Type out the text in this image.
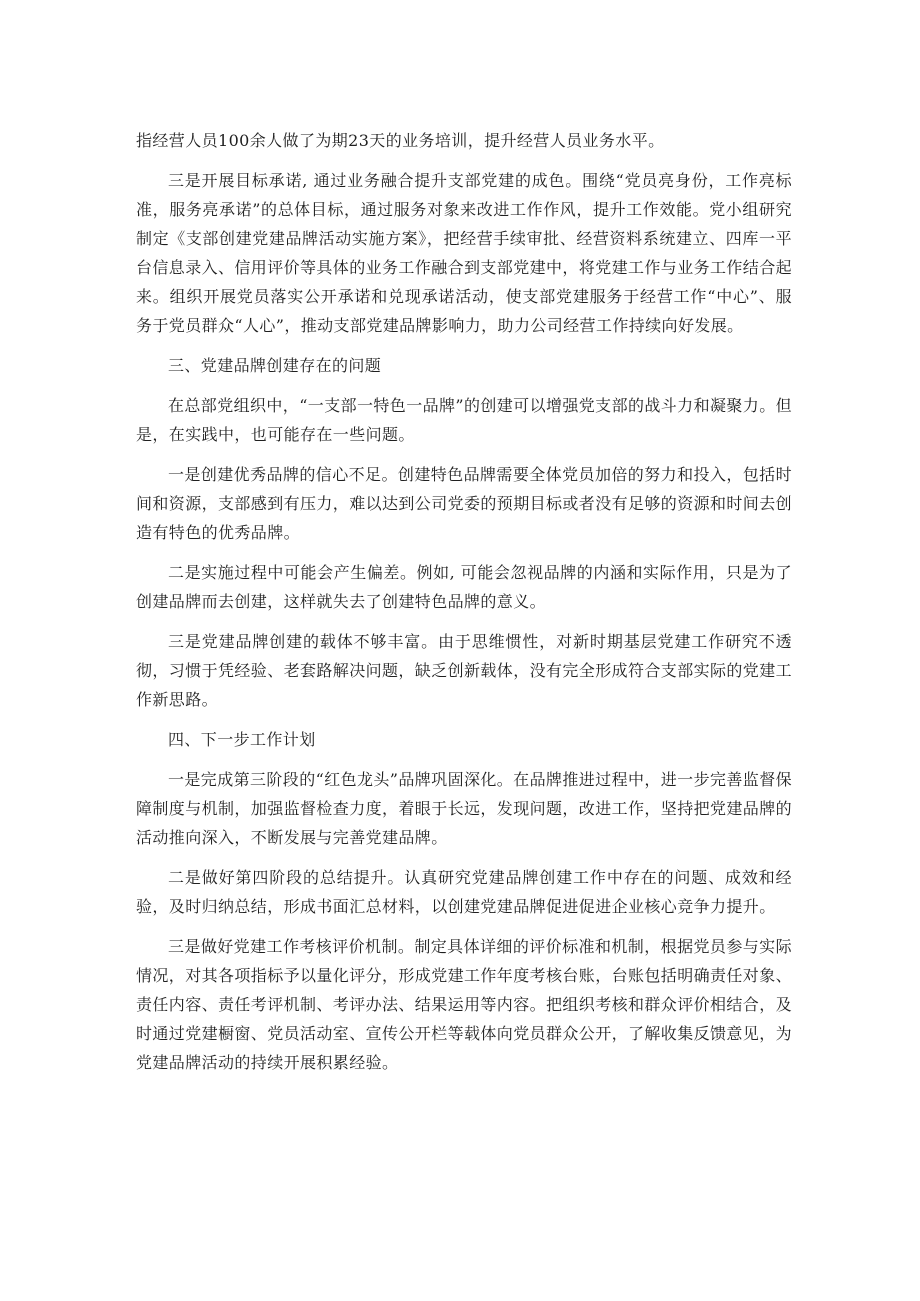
指经营人员100余人做了为期23天的业务培训，提升经营人员业务水平。

三是开展目标承诺, 通过业务融合提升支部党建的成色。围绕“党员亮身份，工作亮标准，服务亮承诺”的总体目标，通过服务对象来改进工作作风，提升工作效能。党小组研究制定《支部创建党建品牌活动实施方案》，把经营手续审批、经营资料系统建立、四库一平台信息录入、信用评价等具体的业务工作融合到支部党建中，将党建工作与业务工作结合起来。组织开展党员落实公开承诺和兑现承诺活动，使支部党建服务于经营工作“中心”、服务于党员群众“人心”，推动支部党建品牌影响力，助力公司经营工作持续向好发展。

三、党建品牌创建存在的问题

在总部党组织中，“一支部一特色一品牌”的创建可以增强党支部的战斗力和凝聚力。但是，在实践中，也可能存在一些问题。

一是创建优秀品牌的信心不足。创建特色品牌需要全体党员加倍的努力和投入，包括时间和资源，支部感到有压力，难以达到公司党委的预期目标或者没有足够的资源和时间去创造有特色的优秀品牌。

二是实施过程中可能会产生偏差。例如, 可能会忽视品牌的内涵和实际作用，只是为了创建品牌而去创建，这样就失去了创建特色品牌的意义。

三是党建品牌创建的载体不够丰富。由于思维惯性，对新时期基层党建工作研究不透彻，习惯于凭经验、老套路解决问题，缺乏创新载体，没有完全形成符合支部实际的党建工作新思路。

四、下一步工作计划

一是完成第三阶段的“红色龙头”品牌巩固深化。在品牌推进过程中，进一步完善监督保障制度与机制，加强监督检查力度，着眼于长远，发现问题，改进工作，坚持把党建品牌的活动推向深入，不断发展与完善党建品牌。

二是做好第四阶段的总结提升。认真研究党建品牌创建工作中存在的问题、成效和经验，及时归纳总结，形成书面汇总材料，以创建党建品牌促进促进企业核心竞争力提升。

三是做好党建工作考核评价机制。制定具体详细的评价标准和机制，根据党员参与实际情况，对其各项指标予以量化评分，形成党建工作年度考核台账，台账包括明确责任对象、责任内容、责任考评机制、考评办法、结果运用等内容。把组织考核和群众评价相结合，及时通过党建橱窗、党员活动室、宣传公开栏等载体向党员群众公开，了解收集反馈意见，为党建品牌活动的持续开展积累经验。
